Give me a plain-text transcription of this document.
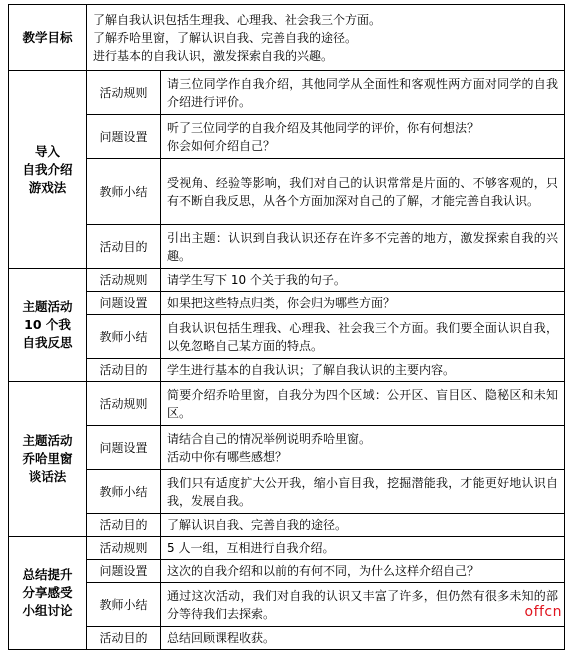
教学目标	了解自我认识包括生理我、心理我、社会我三个方面。
了解乔哈里窗，了解认识自我、完善自我的途径。
进行基本的自我认识，激发探索自我的兴趣。	

导入
自我介绍
游戏法	活动规则	请三位同学作自我介绍，其他同学从全面性和客观性两方面对同学的自我介绍进行评价。

	问题设置	听了三位同学的自我介绍及其他同学的评价，你有何想法？
你会如何介绍自己？

	教师小结	受视角、经验等影响，我们对自己的认识常常是片面的、不够客观的，只有不断自我反思，从各个方面加深对自己的了解，才能完善自我认识。

	活动目的	引出主题：认识到自我认识还存在许多不完善的地方，激发探索自我的兴趣。

主题活动
10 个我
自我反思	活动规则	请学生写下 10 个关于我的句子。

	问题设置	如果把这些特点归类，你会归为哪些方面？

	教师小结	自我认识包括生理我、心理我、社会我三个方面。我们要全面认识自我，以免忽略自己某方面的特点。

	活动目的	学生进行基本的自我认识；了解自我认识的主要内容。

主题活动
乔哈里窗
谈话法	活动规则	简要介绍乔哈里窗，自我分为四个区域：公开区、盲目区、隐秘区和未知区。

	问题设置	请结合自己的情况举例说明乔哈里窗。
活动中你有哪些感想？

	教师小结	我们只有适度扩大公开我，缩小盲目我，挖掘潜能我，才能更好地认识自我，发展自我。

	活动目的	了解认识自我、完善自我的途径。

总结提升
分享感受
小组讨论	活动规则	5 人一组，互相进行自我介绍。

	问题设置	这次的自我介绍和以前的有何不同，为什么这样介绍自己？

	教师小结	通过这次活动，我们对自我的认识又丰富了许多，但仍然有很多未知的部分等待我们去探索。

	活动目的	总结回顾课程收获。
offcn
